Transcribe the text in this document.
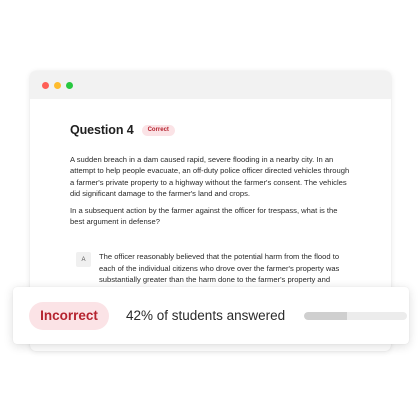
Question 4	Correct

A sudden breach in a dam caused rapid, severe flooding in a nearby city. In an attempt to help people evacuate, an off-duty police officer directed vehicles through a farmer's private property to a highway without the farmer's consent. The vehicles did significant damage to the farmer's land and crops.

In a subsequent action by the farmer against the officer for trespass, what is the best argument in defense?

A	The officer reasonably believed that the potential harm from the flood to each of the individual citizens who drove over the farmer's property was substantially greater than the harm done to the farmer's property and
Incorrect	42% of students answered
